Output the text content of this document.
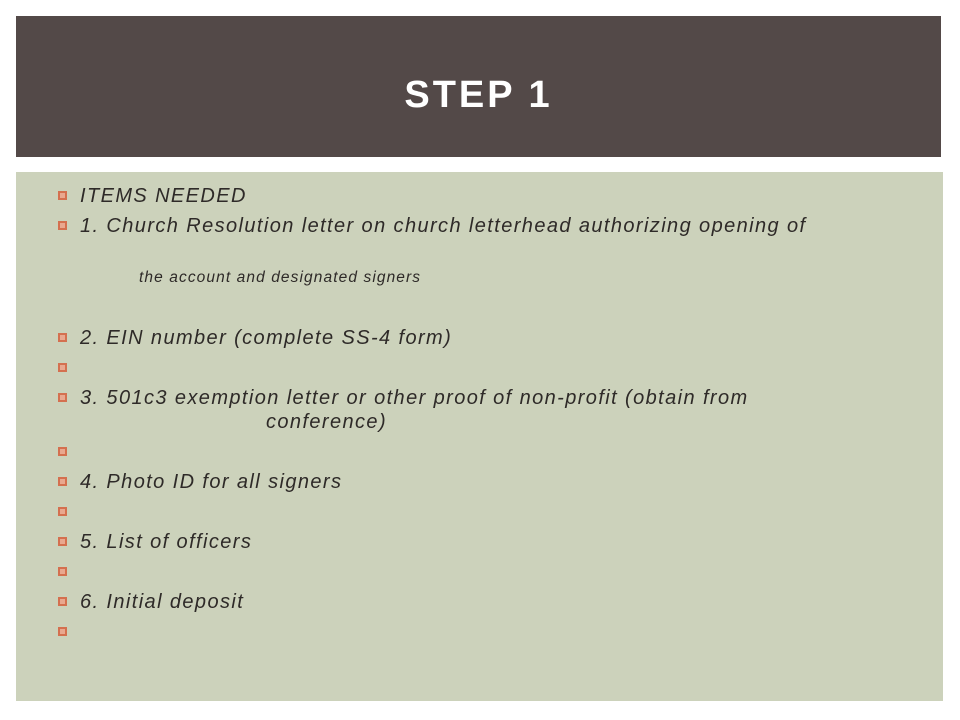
STEP 1
ITEMS NEEDED
1. Church Resolution letter on church letterhead authorizing opening of
the account and designated signers
2. EIN number (complete SS-4 form)
3. 501c3 exemption letter or other proof of non-profit (obtain from
conference)
4. Photo ID for all signers
5. List of officers
6. Initial deposit
